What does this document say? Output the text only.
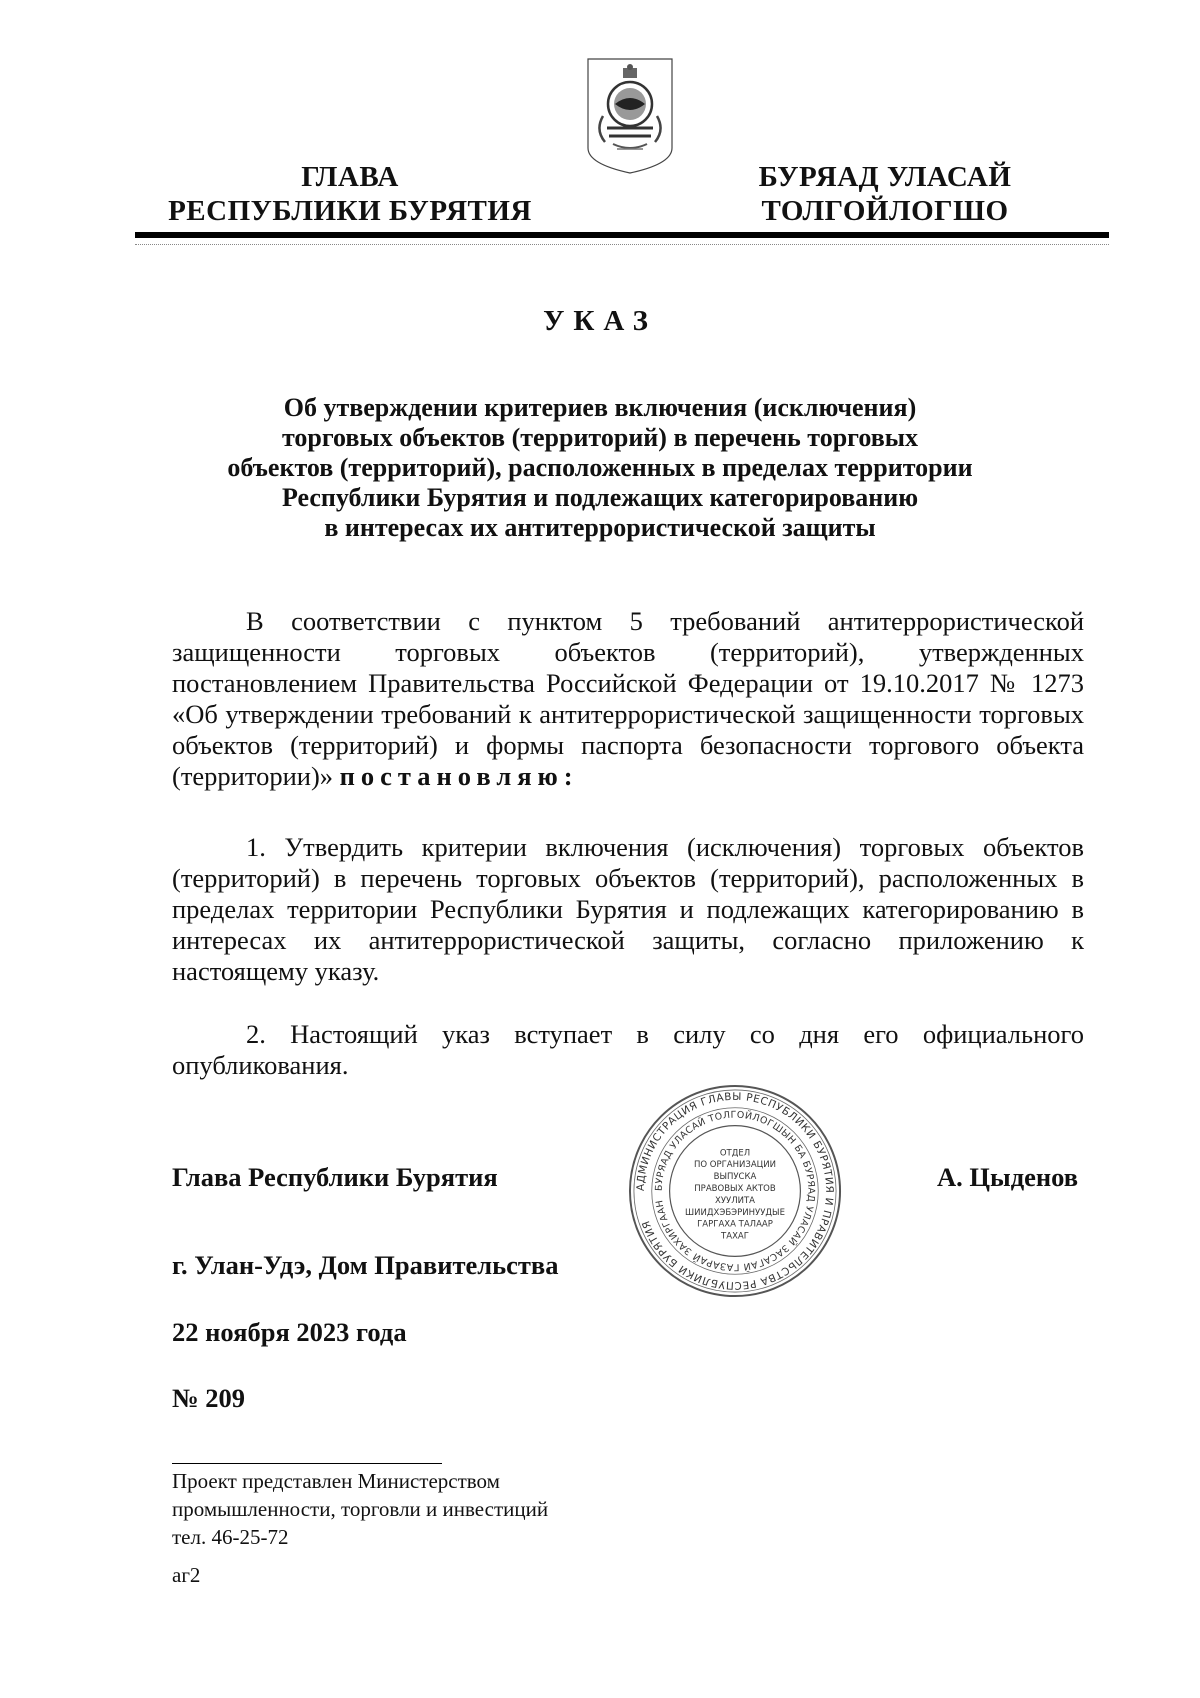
ГЛАВА
РЕСПУБЛИКИ БУРЯТИЯ
БУРЯАД УЛАСАЙ
ТОЛГОЙЛОГШО
УКАЗ
Об утверждении критериев включения (исключения)
торговых объектов (территорий) в перечень торговых
объектов (территорий), расположенных в пределах территории
Республики Бурятия и подлежащих категорированию
в интересах их антитеррористической защиты
В соответствии с пунктом 5 требований антитеррористической защищенности торговых объектов (территорий), утвержденных постановлением Правительства Российской Федерации от 19.10.2017 № 1273 «Об утверждении требований к антитеррористической защищенности торговых объектов (территорий) и формы паспорта безопасности торгового объекта (территории)» постановляю:
1. Утвердить критерии включения (исключения) торговых объектов (территорий) в перечень торговых объектов (территорий), расположенных в пределах территории Республики Бурятия и подлежащих категорированию в интересах их антитеррористической защиты, согласно приложению к настоящему указу.
2. Настоящий указ вступает в силу со дня его официального опубликования.
Глава Республики Бурятия	А. Цыденов
АДМИНИСТРАЦИЯ ГЛАВЫ РЕСПУБЛИКИ БУРЯТИЯ И ПРАВИТЕЛЬСТВА РЕСПУБЛИКИ БУРЯТИЯ
БУРЯАД УЛАСАЙ ТОЛГОЙЛОГШЫН БА БУРЯАД УЛАСАЙ ЗАСАГАЙ ГАЗАРАЙ ЗАХИРГААН
ОТДЕЛ
ПО ОРГАНИЗАЦИИ
ВЫПУСКА
ПРАВОВЫХ АКТОВ
ХУУЛИТА
ШИИДХЭБЭРИНУУДЫЕ
ГАРГАХА ТАЛААР
ТАХАГ
г. Улан-Удэ, Дом Правительства
22 ноября 2023 года
№ 209
Проект представлен Министерством
промышленности, торговли и инвестиций
тел. 46-25-72
аг2
